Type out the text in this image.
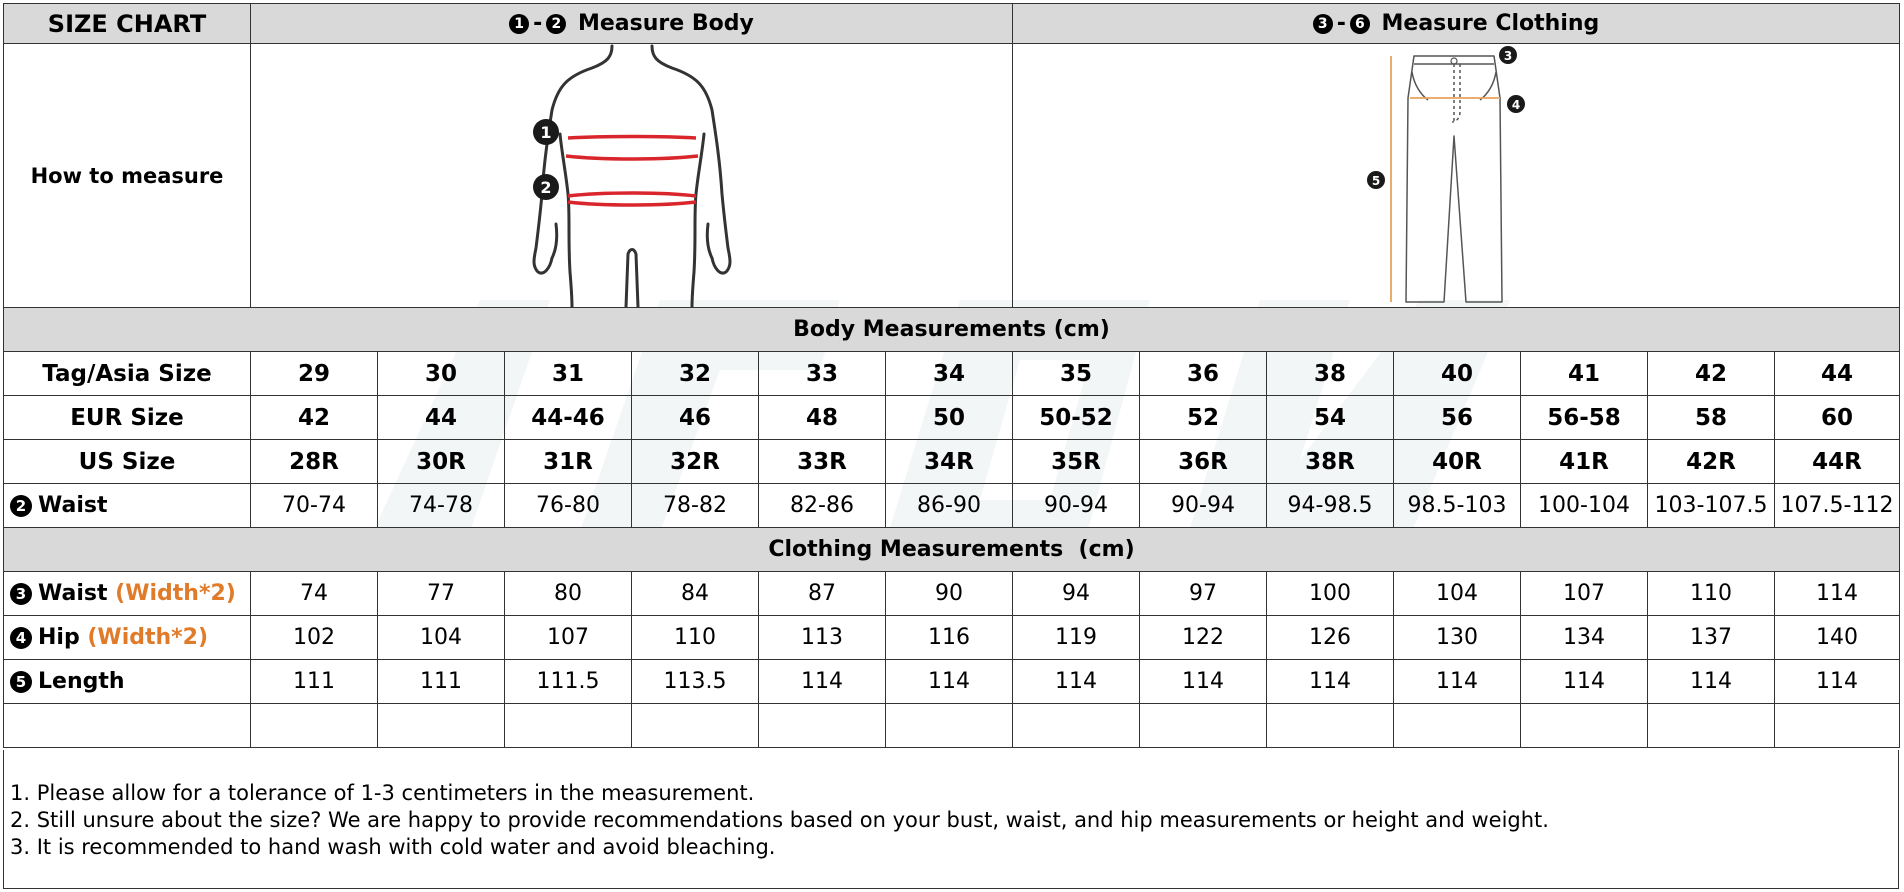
SIZE CHART	1 - 2 Measure Body						3 - 6 Measure Clothing						
How to measure	1
2						3
4
5						

Body Measurements (cm)													
Tag/Asia Size	29	30	31	32	33	34	35	36	38	40	41	42	44
EUR Size	42	44	44-46	46	48	50	50-52	52	54	56	56-58	58	60
US Size	28R	30R	31R	32R	33R	34R	35R	36R	38R	40R	41R	42R	44R
2 Waist	70-74	74-78	76-80	78-82	82-86	86-90	90-94	90-94	94-98.5	98.5-103	100-104	103-107.5	107.5-112
Clothing Measurements  (cm)													
3 Waist (Width*2)	74	77	80	84	87	90	94	97	100	104	107	110	114
4 Hip (Width*2)	102	104	107	110	113	116	119	122	126	130	134	137	140
5 Length	111	111	111.5	113.5	114	114	114	114	114	114	114	114	114

1. Please allow for a tolerance of 1-3 centimeters in the measurement.
2. Still unsure about the size? We are happy to provide recommendations based on your bust, waist, and hip measurements or height and weight.
3. It is recommended to hand wash with cold water and avoid bleaching.
